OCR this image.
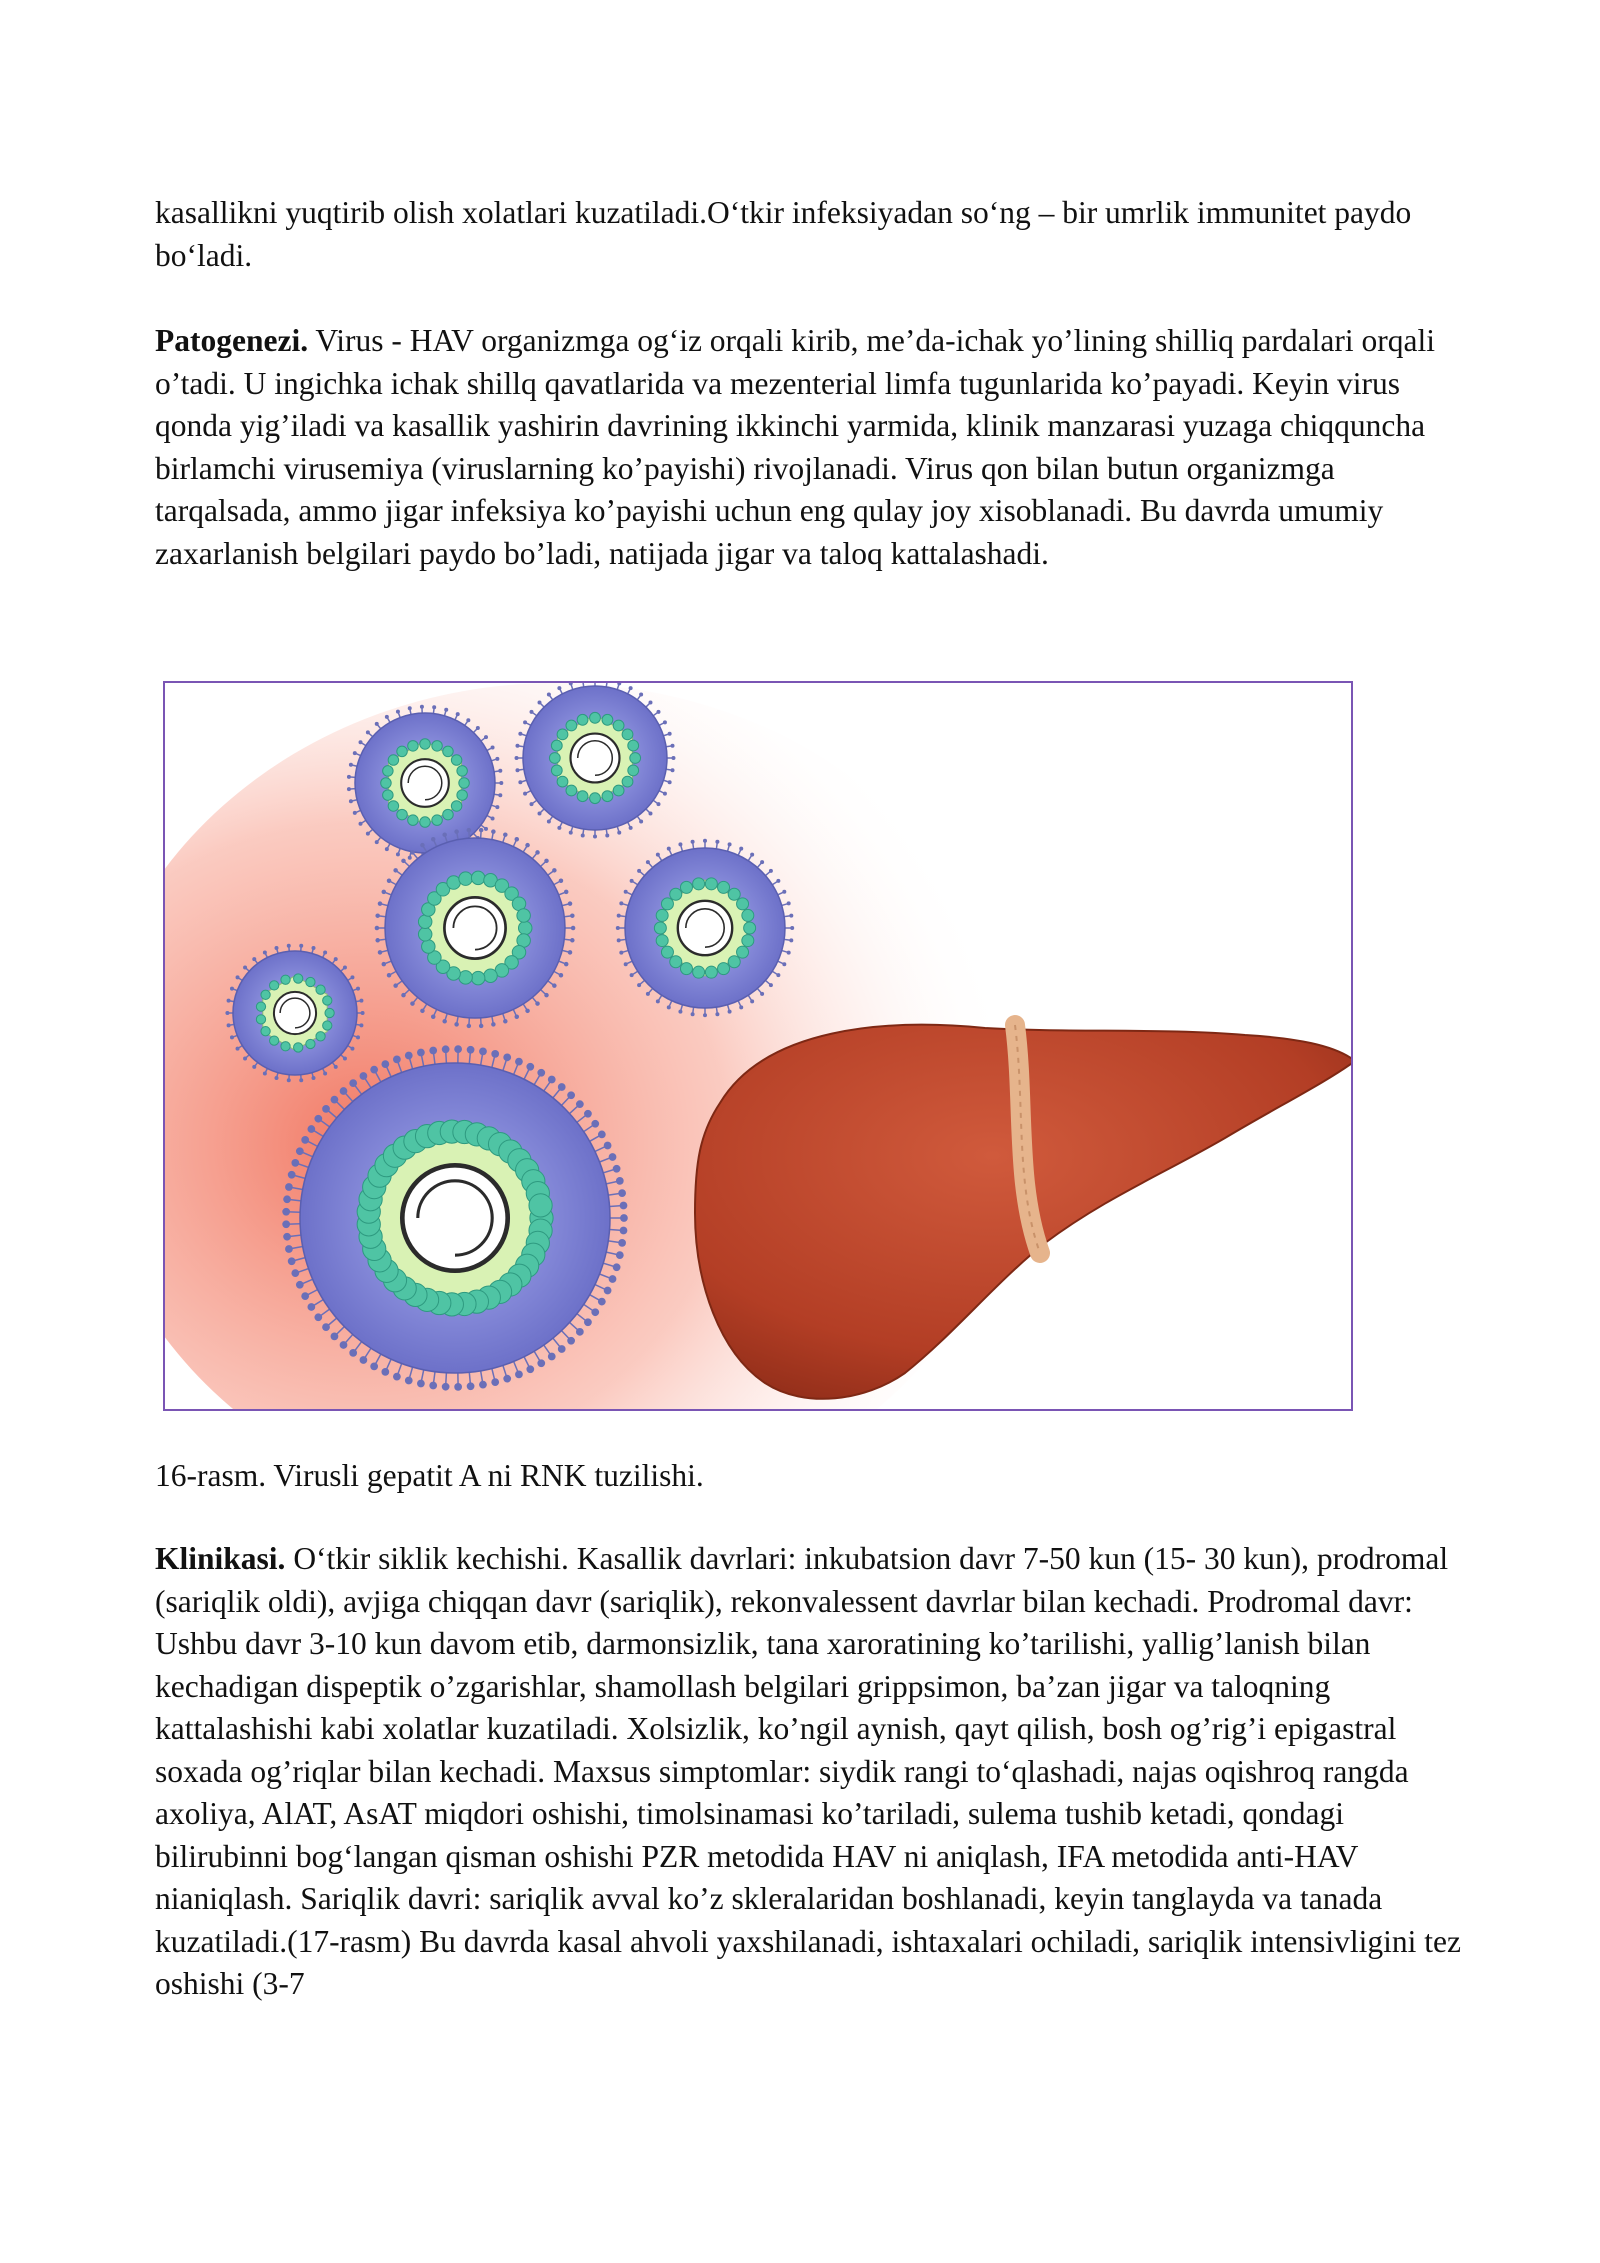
kasallikni yuqtirib olish xolatlari kuzatiladi.O‘tkir infeksiyadan so‘ng – bir umrlik immunitet paydo bo‘ladi.

Patogenezi. Virus - HAV organizmga og‘iz orqali kirib, me’da-ichak yo’lining shilliq pardalari orqali o’tadi. U ingichka ichak shillq qavatlarida va mezenterial limfa tugunlarida ko’payadi. Keyin virus qonda yig’iladi va kasallik yashirin davrining ikkinchi yarmida, klinik manzarasi yuzaga chiqquncha birlamchi virusemiya (viruslarning ko’payishi) rivojlanadi. Virus qon bilan butun organizmga tarqalsada, ammo jigar infeksiya ko’payishi uchun eng qulay joy xisoblanadi. Bu davrda umumiy zaxarlanish belgilari paydo bo’ladi, natijada jigar va taloq kattalashadi.

16-rasm. Virusli gepatit A ni RNK tuzilishi.

Klinikasi. O‘tkir siklik kechishi. Kasallik davrlari: inkubatsion davr 7-50 kun (15- 30 kun), prodromal (sariqlik oldi), avjiga chiqqan davr (sariqlik), rekonvalessent davrlar bilan kechadi. Prodromal davr: Ushbu davr 3-10 kun davom etib, darmonsizlik, tana xaroratining ko’tarilishi, yallig’lanish bilan kechadigan dispeptik o’zgarishlar, shamollash belgilari grippsimon, ba’zan jigar va taloqning kattalashishi kabi xolatlar kuzatiladi. Xolsizlik, ko’ngil aynish, qayt qilish, bosh og’rig’i epigastral soxada og’riqlar bilan kechadi. Maxsus simptomlar: siydik rangi to‘qlashadi, najas oqishroq rangda axoliya, AlAT, AsAT miqdori oshishi, timolsinamasi ko’tariladi, sulema tushib ketadi, qondagi bilirubinni bog‘langan qisman oshishi PZR metodida HAV ni aniqlash, IFA metodida anti-HAV nianiqlash. Sariqlik davri: sariqlik avval ko’z skleralaridan boshlanadi, keyin tanglayda va tanada kuzatiladi.(17-rasm) Bu davrda kasal ahvoli yaxshilanadi, ishtaxalari ochiladi, sariqlik intensivligini tez oshishi (3-7
